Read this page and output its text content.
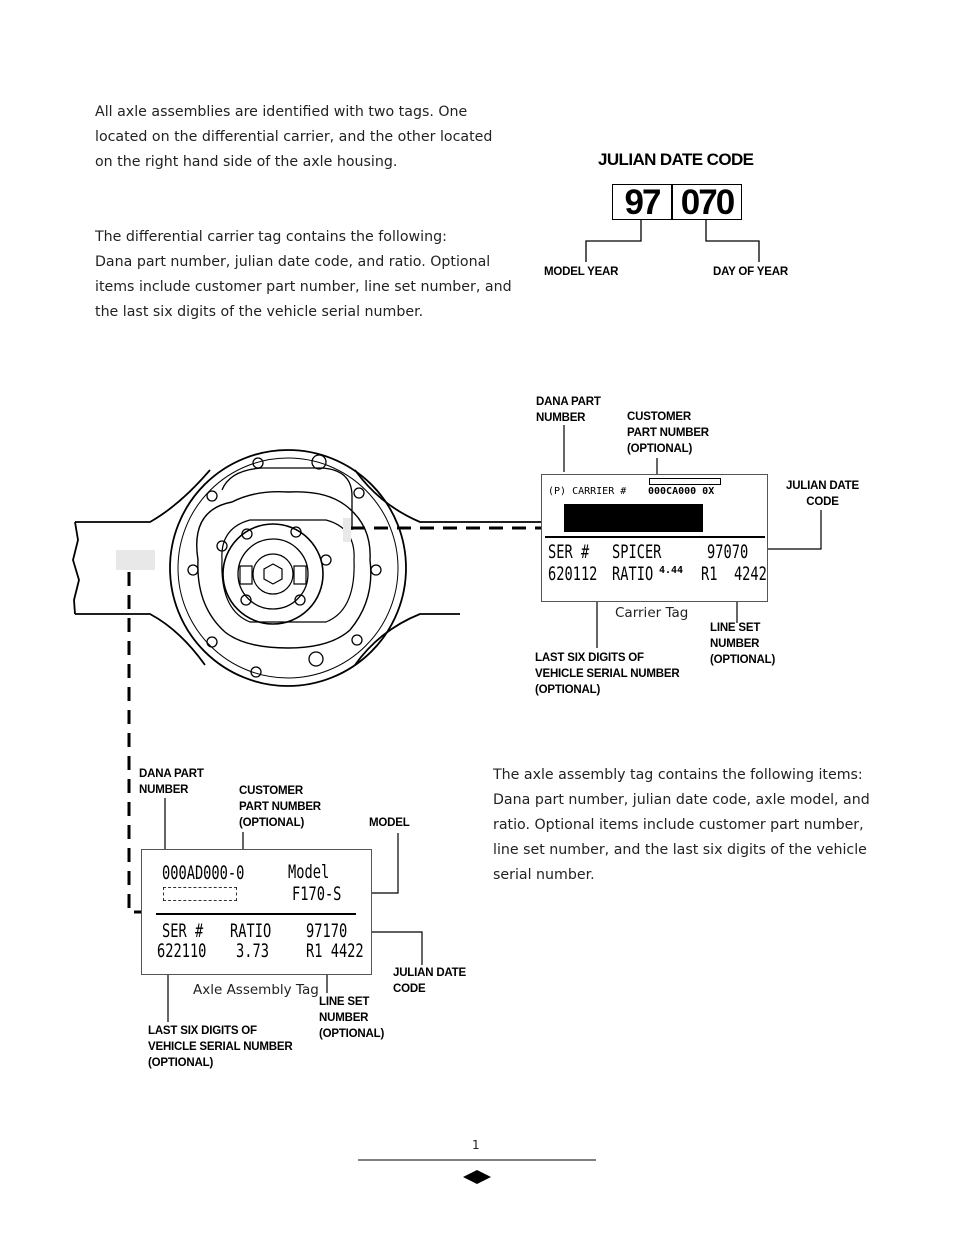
All axle assemblies are identified with two tags. One
located on the differential carrier, and the other located
on the right hand side of the axle housing.
The differential carrier tag contains the following:
Dana part number, julian date code, and ratio. Optional
items include customer part number, line set number, and
the last six digits of the vehicle serial number.
JULIAN DATE CODE
97 070
MODEL YEAR	DAY OF YEAR
(P) CARRIER # 000CA000 0X
SER # SPICER 97070
620112 RATIO 4.44 R1  4242
Carrier Tag
DANA PART
NUMBER	CUSTOMER
PART NUMBER
(OPTIONAL)
JULIAN DATE
CODE
LINE SET
NUMBER
(OPTIONAL)
LAST SIX DIGITS OF
VEHICLE SERIAL NUMBER
(OPTIONAL)
DANA PART
NUMBER	CUSTOMER
PART NUMBER
(OPTIONAL)	MODEL
000AD000-0 Model
F170-S
SER # RATIO 97170
622110 3.73 R1 4422
Axle Assembly Tag
JULIAN DATE
CODE
LINE SET
NUMBER
(OPTIONAL)
LAST SIX DIGITS OF
VEHICLE SERIAL NUMBER
(OPTIONAL)
The axle assembly tag contains the following items:
Dana part number, julian date code, axle model, and
ratio. Optional items include customer part number,
line set number, and the last six digits of the vehicle
serial number.
1
